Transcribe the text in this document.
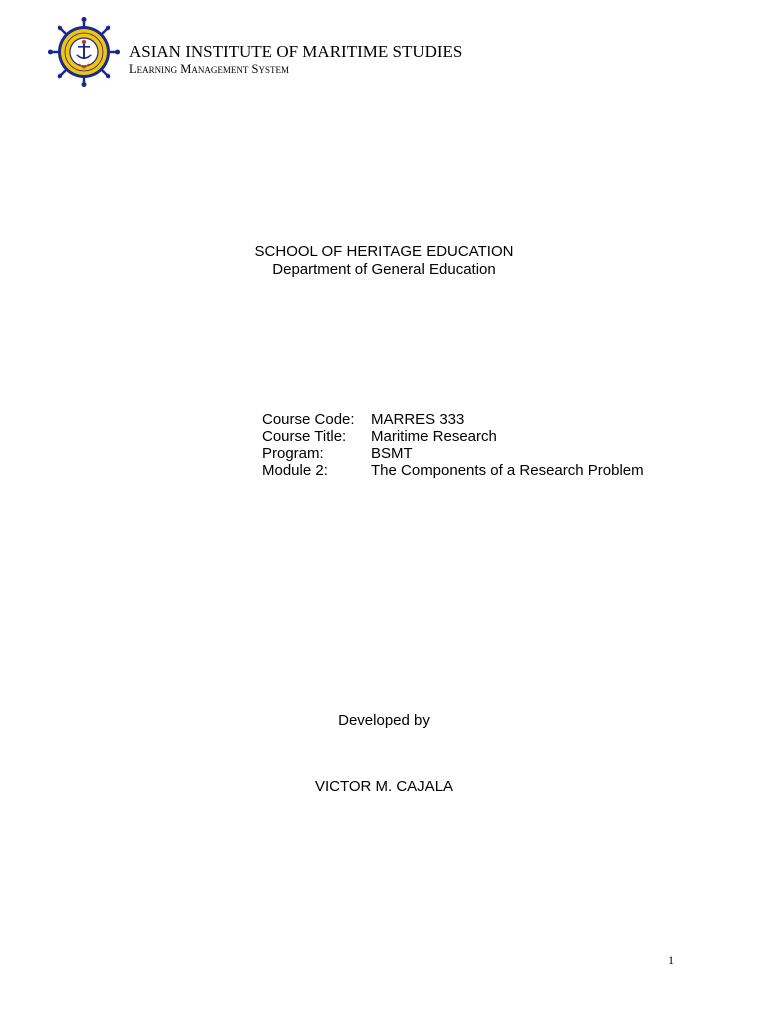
ASIAN INSTITUTE OF MARITIME STUDIES
Learning Management System
SCHOOL OF HERITAGE EDUCATION
Department of General Education
Course Code:	MARRES 333
Course Title:	Maritime Research
Program:	BSMT
Module 2:	The Components of a Research Problem
Developed by
VICTOR M. CAJALA
1
